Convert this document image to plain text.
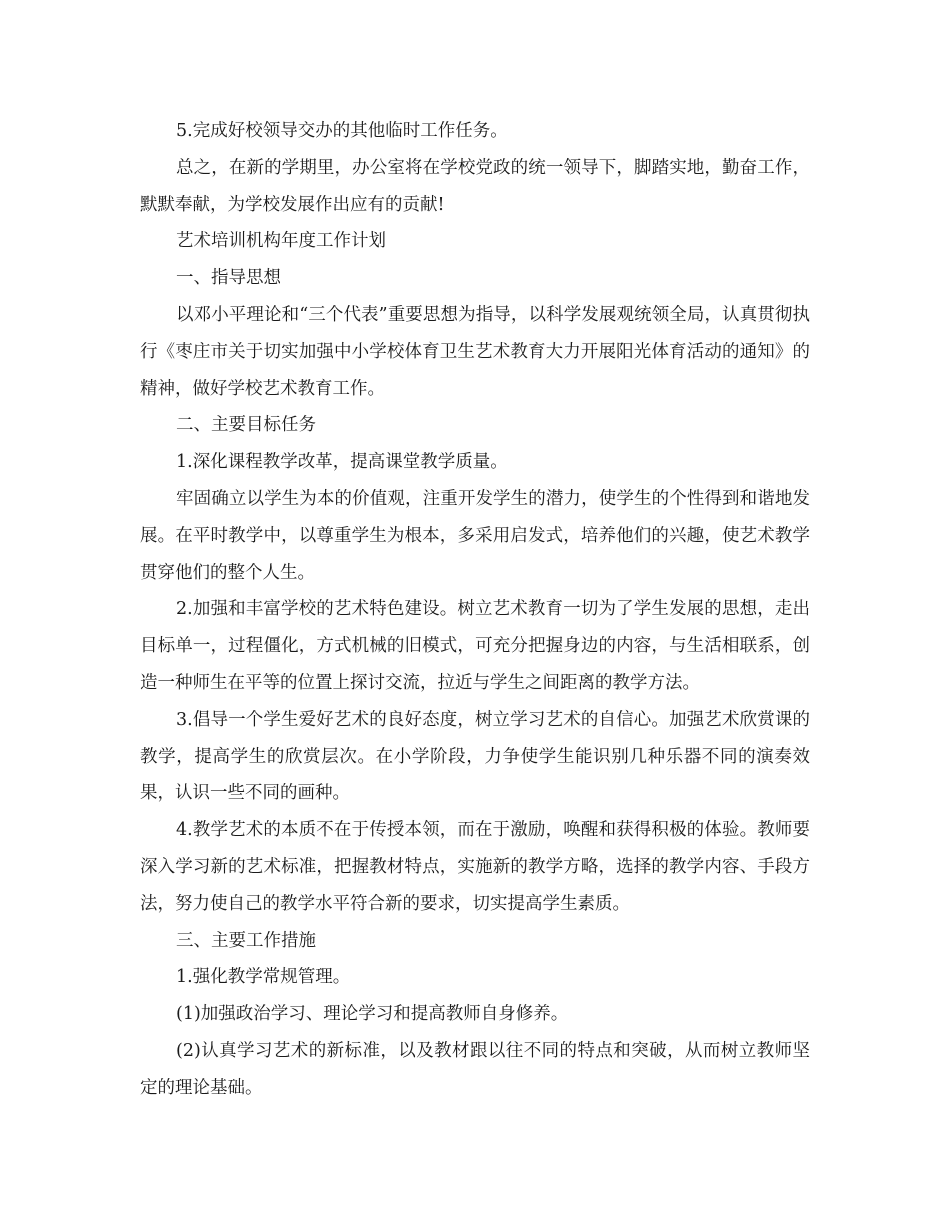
5.完成好校领导交办的其他临时工作任务。

总之，在新的学期里，办公室将在学校党政的统一领导下，脚踏实地，勤奋工作，默默奉献，为学校发展作出应有的贡献!

艺术培训机构年度工作计划

一、指导思想

以邓小平理论和“三个代表”重要思想为指导，以科学发展观统领全局，认真贯彻执行《枣庄市关于切实加强中小学校体育卫生艺术教育大力开展阳光体育活动的通知》的精神，做好学校艺术教育工作。

二、主要目标任务

1.深化课程教学改革，提高课堂教学质量。

牢固确立以学生为本的价值观，注重开发学生的潜力，使学生的个性得到和谐地发展。在平时教学中，以尊重学生为根本，多采用启发式，培养他们的兴趣，使艺术教学贯穿他们的整个人生。

2.加强和丰富学校的艺术特色建设。树立艺术教育一切为了学生发展的思想，走出目标单一，过程僵化，方式机械的旧模式，可充分把握身边的内容，与生活相联系，创造一种师生在平等的位置上探讨交流，拉近与学生之间距离的教学方法。

3.倡导一个学生爱好艺术的良好态度，树立学习艺术的自信心。加强艺术欣赏课的教学，提高学生的欣赏层次。在小学阶段，力争使学生能识别几种乐器不同的演奏效果，认识一些不同的画种。

4.教学艺术的本质不在于传授本领，而在于激励，唤醒和获得积极的体验。教师要深入学习新的艺术标准，把握教材特点，实施新的教学方略，选择的教学内容、手段方法，努力使自己的教学水平符合新的要求，切实提高学生素质。

三、主要工作措施

1.强化教学常规管理。

(1)加强政治学习、理论学习和提高教师自身修养。

(2)认真学习艺术的新标准，以及教材跟以往不同的特点和突破，从而树立教师坚定的理论基础。
